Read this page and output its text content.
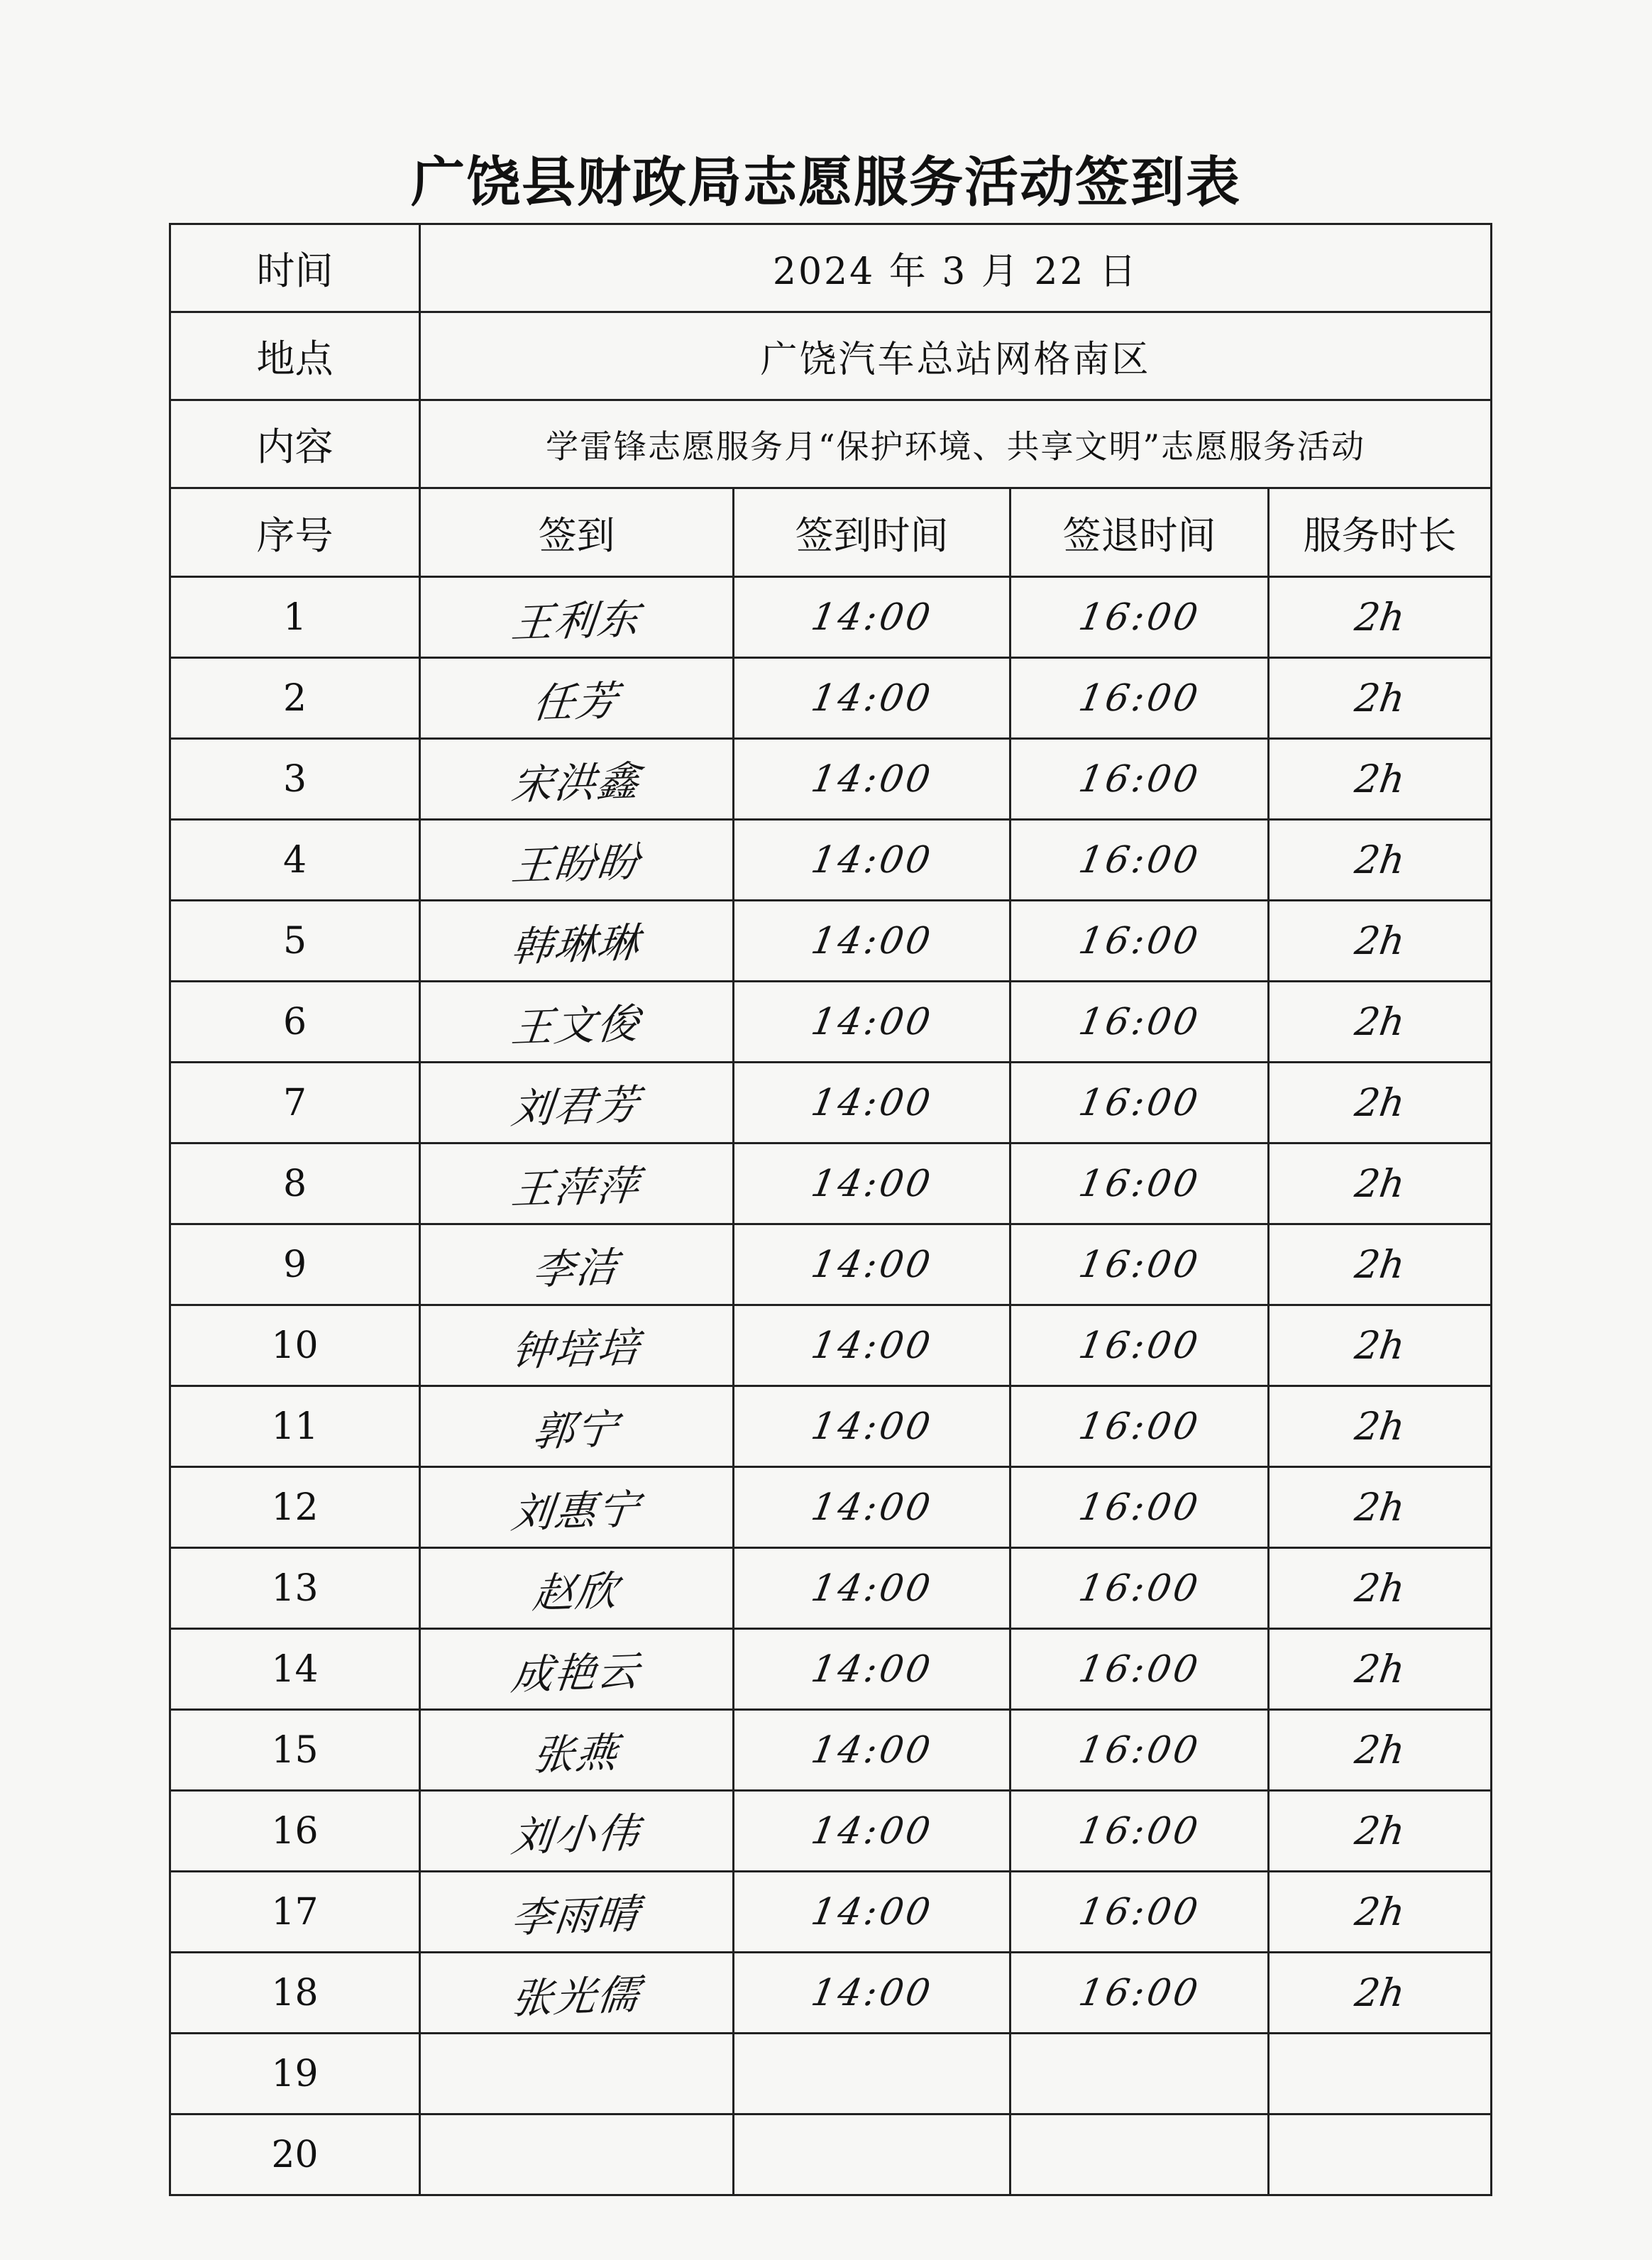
广饶县财政局志愿服务活动签到表
时间	2024 年 3 月 22 日			
地点	广饶汽车总站网格南区			
内容	学雷锋志愿服务月“保护环境、共享文明”志愿服务活动			
序号	签到	签到时间	签退时间	服务时长
1	王利东	14:00	16:00	2h
2	任芳	14:00	16:00	2h
3	宋洪鑫	14:00	16:00	2h
4	王盼盼	14:00	16:00	2h
5	韩琳琳	14:00	16:00	2h
6	王文俊	14:00	16:00	2h
7	刘君芳	14:00	16:00	2h
8	王萍萍	14:00	16:00	2h
9	李洁	14:00	16:00	2h
10	钟培培	14:00	16:00	2h
11	郭宁	14:00	16:00	2h
12	刘惠宁	14:00	16:00	2h
13	赵欣	14:00	16:00	2h
14	成艳云	14:00	16:00	2h
15	张燕	14:00	16:00	2h
16	刘小伟	14:00	16:00	2h
17	李雨晴	14:00	16:00	2h
18	张光儒	14:00	16:00	2h
19				
20				
